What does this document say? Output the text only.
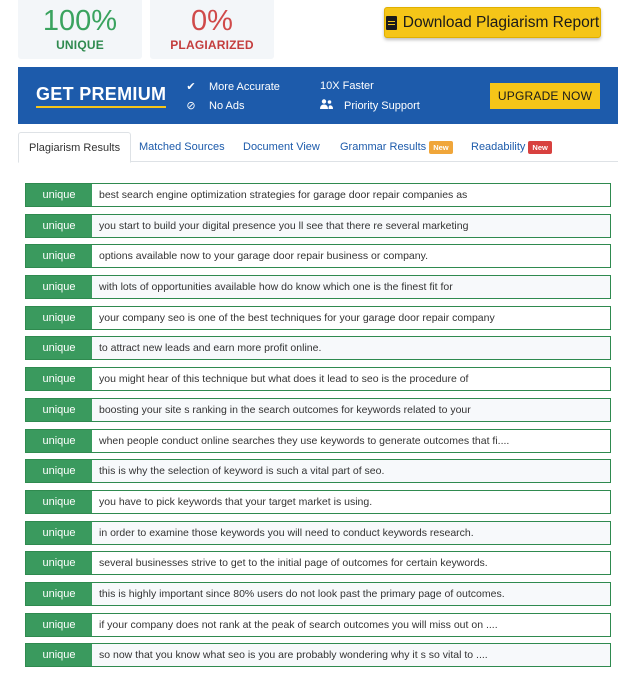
100%
UNIQUE
0%
PLAGIARIZED
Download Plagiarism Report
GET PREMIUM ✔ More Accurate
⊘ No Ads
10X Faster
Priority Support
UPGRADE NOW
Plagiarism Results Matched Sources Document View Grammar Results New	Readability New
unique	best search engine optimization strategies for garage door repair companies as
unique	you start to build your digital presence you ll see that there re several marketing
unique	options available now to your garage door repair business or company.
unique	with lots of opportunities available how do know which one is the finest fit for
unique	your company seo is one of the best techniques for your garage door repair company
unique	to attract new leads and earn more profit online.
unique	you might hear of this technique but what does it lead to seo is the procedure of
unique	boosting your site s ranking in the search outcomes for keywords related to your
unique	when people conduct online searches they use keywords to generate outcomes that fi....
unique	this is why the selection of keyword is such a vital part of seo.
unique	you have to pick keywords that your target market is using.
unique	in order to examine those keywords you will need to conduct keywords research.
unique	several businesses strive to get to the initial page of outcomes for certain keywords.
unique	this is highly important since 80% users do not look past the primary page of outcomes.
unique	if your company does not rank at the peak of search outcomes you will miss out on ....
unique	so now that you know what seo is you are probably wondering why it s so vital to ....
